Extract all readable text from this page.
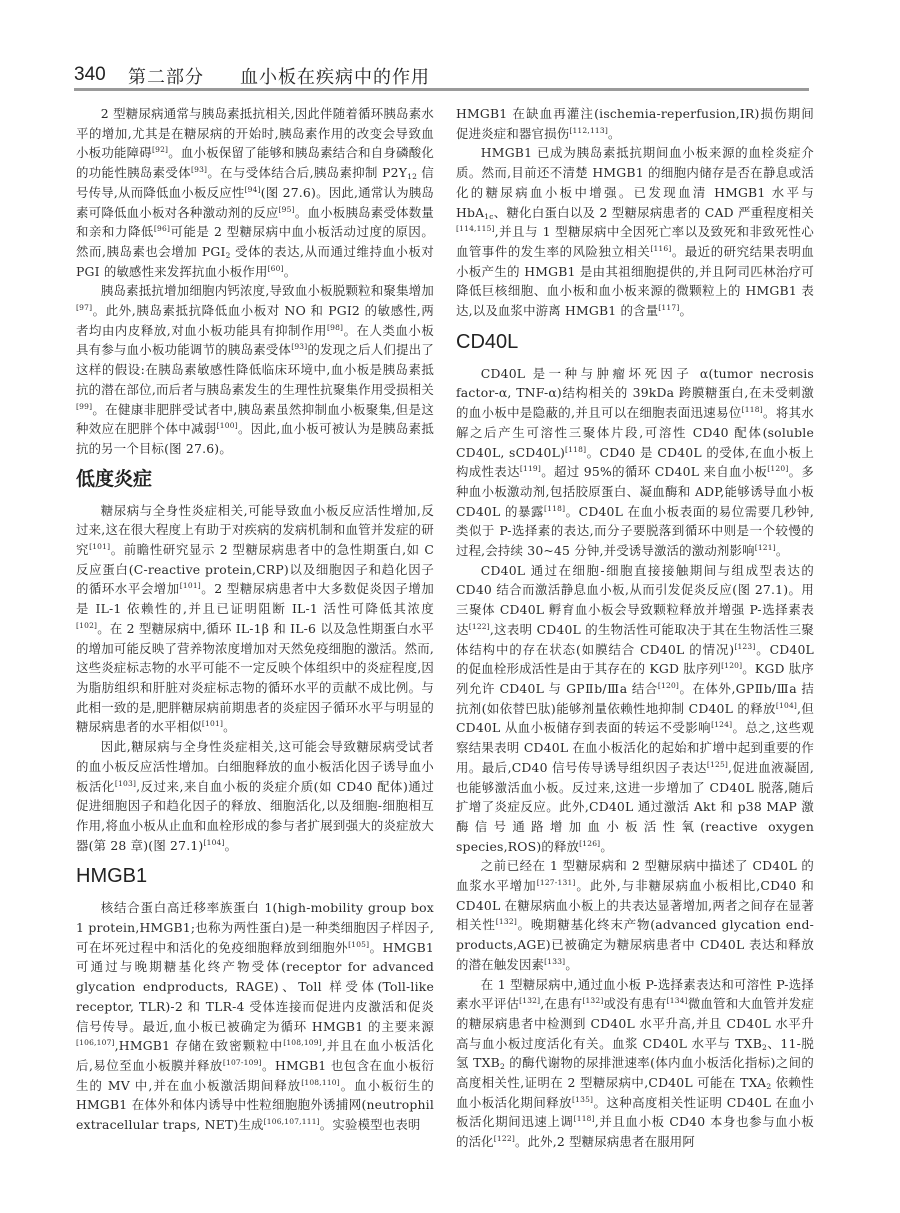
340 第二部分 血小板在疾病中的作用

2 型糖尿病通常与胰岛素抵抗相关,因此伴随着循环胰岛素水平的增加,尤其是在糖尿病的开始时,胰岛素作用的改变会导致血小板功能障碍[92]。血小板保留了能够和胰岛素结合和自身磷酸化的功能性胰岛素受体[93]。在与受体结合后,胰岛素抑制 $P2Y_{12}$ 信号传导,从而降低血小板反应性[94](图 27.6)。因此,通常认为胰岛素可降低血小板对各种激动剂的反应[95]。血小板胰岛素受体数量和亲和力降低[96]可能是 2 型糖尿病中血小板活动过度的原因。然而,胰岛素也会增加 $PGI_2$ 受体的表达,从而通过维持血小板对 PGI 的敏感性来发挥抗血小板作用[60]。

胰岛素抵抗增加细胞内钙浓度,导致血小板脱颗粒和聚集增加[97]。此外,胰岛素抵抗降低血小板对 NO 和 PGI2 的敏感性,两者均由内皮释放,对血小板功能具有抑制作用[98]。在人类血小板具有参与血小板功能调节的胰岛素受体[93]的发现之后人们提出了这样的假设:在胰岛素敏感性降低临床环境中,血小板是胰岛素抵抗的潜在部位,而后者与胰岛素发生的生理性抗聚集作用受损相关[99]。在健康非肥胖受试者中,胰岛素虽然抑制血小板聚集,但是这种效应在肥胖个体中减弱[100]。因此,血小板可被认为是胰岛素抵抗的另一个目标(图 27.6)。

低度炎症

糖尿病与全身性炎症相关,可能导致血小板反应活性增加,反过来,这在很大程度上有助于对疾病的发病机制和血管并发症的研究[101]。前瞻性研究显示 2 型糖尿病患者中的急性期蛋白,如 C 反应蛋白(C-reactive protein,CRP)以及细胞因子和趋化因子的循环水平会增加[101]。2 型糖尿病患者中大多数促炎因子增加是 IL-1 依赖性的,并且已证明阻断 IL-1 活性可降低其浓度[102]。在 2 型糖尿病中,循环 IL-1β 和 IL-6 以及急性期蛋白水平的增加可能反映了营养物浓度增加对天然免疫细胞的激活。然而,这些炎症标志物的水平可能不一定反映个体组织中的炎症程度,因为脂肪组织和肝脏对炎症标志物的循环水平的贡献不成比例。与此相一致的是,肥胖糖尿病前期患者的炎症因子循环水平与明显的糖尿病患者的水平相似[101]。

因此,糖尿病与全身性炎症相关,这可能会导致糖尿病受试者的血小板反应活性增加。白细胞释放的血小板活化因子诱导血小板活化[103],反过来,来自血小板的炎症介质(如 CD40 配体)通过促进细胞因子和趋化因子的释放、细胞活化,以及细胞-细胞相互作用,将血小板从止血和血栓形成的参与者扩展到强大的炎症放大器(第 28 章)(图 27.1)[104]。

HMGB1

核结合蛋白高迁移率族蛋白 1(high-mobility group box 1 protein,HMGB1;也称为两性蛋白)是一种类细胞因子样因子,可在坏死过程中和活化的免疫细胞释放到细胞外[105]。HMGB1 可通过与晚期糖基化终产物受体(receptor for advanced glycation endproducts, RAGE)、Toll 样受体(Toll-like receptor, TLR)-2 和 TLR-4 受体连接而促进内皮激活和促炎信号传导。最近,血小板已被确定为循环 HMGB1 的主要来源[106,107],HMGB1 存储在致密颗粒中[108,109],并且在血小板活化后,易位至血小板膜并释放[107-109]。HMGB1 也包含在血小板衍生的 MV 中,并在血小板激活期间释放[108,110]。血小板衍生的 HMGB1 在体外和体内诱导中性粒细胞胞外诱捕网(neutrophil extracellular traps, NET)生成[106,107,111]。实验模型也表明

HMGB1 在缺血再灌注(ischemia-reperfusion,IR)损伤期间促进炎症和器官损伤[112,113]。

HMGB1 已成为胰岛素抵抗期间血小板来源的血栓炎症介质。然而,目前还不清楚 HMGB1 的细胞内储存是否在静息或活化的糖尿病血小板中增强。已发现血清 HMGB1 水平与 HbA$_{1c}$、糖化白蛋白以及 2 型糖尿病患者的 CAD 严重程度相关[114,115],并且与 1 型糖尿病中全因死亡率以及致死和非致死性心血管事件的发生率的风险独立相关[116]。最近的研究结果表明血小板产生的 HMGB1 是由其祖细胞提供的,并且阿司匹林治疗可降低巨核细胞、血小板和血小板来源的微颗粒上的 HMGB1 表达,以及血浆中游离 HMGB1 的含量[117]。

CD40L

CD40L 是一种与肿瘤坏死因子 α(tumor necrosis factor-α, TNF-α)结构相关的 39kDa 跨膜糖蛋白,在未受刺激的血小板中是隐蔽的,并且可以在细胞表面迅速易位[118]。将其水解之后产生可溶性三聚体片段,可溶性 CD40 配体(soluble CD40L, sCD40L)[118]。CD40 是 CD40L 的受体,在血小板上构成性表达[119]。超过 95%的循环 CD40L 来自血小板[120]。多种血小板激动剂,包括胶原蛋白、凝血酶和 ADP,能够诱导血小板 CD40L 的暴露[118]。CD40L 在血小板表面的易位需要几秒钟,类似于 P-选择素的表达,而分子要脱落到循环中则是一个较慢的过程,会持续 30~45 分钟,并受诱导激活的激动剂影响[121]。

CD40L 通过在细胞-细胞直接接触期间与组成型表达的 CD40 结合而激活静息血小板,从而引发促炎反应(图 27.1)。用三聚体 CD40L 孵育血小板会导致颗粒释放并增强 P-选择素表达[122],这表明 CD40L 的生物活性可能取决于其在生物活性三聚体结构中的存在状态(如膜结合 CD40L 的情况)[123]。CD40L 的促血栓形成活性是由于其存在的 KGD 肽序列[120]。KGD 肽序列允许 CD40L 与 GPⅡb/Ⅲa 结合[120]。在体外,GPⅡb/Ⅲa 拮抗剂(如依替巴肽)能够剂量依赖性地抑制 CD40L 的释放[104],但 CD40L 从血小板储存到表面的转运不受影响[124]。总之,这些观察结果表明 CD40L 在血小板活化的起始和扩增中起到重要的作用。最后,CD40 信号传导诱导组织因子表达[125],促进血液凝固,也能够激活血小板。反过来,这进一步增加了 CD40L 脱落,随后扩增了炎症反应。此外,CD40L 通过激活 Akt 和 p38 MAP 激酶信号通路增加血小板活性氧(reactive oxygen species,ROS)的释放[126]。

之前已经在 1 型糖尿病和 2 型糖尿病中描述了 CD40L 的血浆水平增加[127-131]。此外,与非糖尿病血小板相比,CD40 和 CD40L 在糖尿病血小板上的共表达显著增加,两者之间存在显著相关性[132]。晚期糖基化终末产物(advanced glycation end-products,AGE)已被确定为糖尿病患者中 CD40L 表达和释放的潜在触发因素[133]。

在 1 型糖尿病中,通过血小板 P-选择素表达和可溶性 P-选择素水平评估[132],在患有[132]或没有患有[134]微血管和大血管并发症的糖尿病患者中检测到 CD40L 水平升高,并且 CD40L 水平升高与血小板过度活化有关。血浆 CD40L 水平与 $TXB_2$、11-脱氢 $TXB_2$ 的酶代谢物的尿排泄速率(体内血小板活化指标)之间的高度相关性,证明在 2 型糖尿病中,CD40L 可能在 $TXA_2$ 依赖性血小板活化期间释放[135]。这种高度相关性证明 CD40L 在血小板活化期间迅速上调[118],并且血小板 CD40 本身也参与血小板的活化[122]。此外,2 型糖尿病患者在服用阿
